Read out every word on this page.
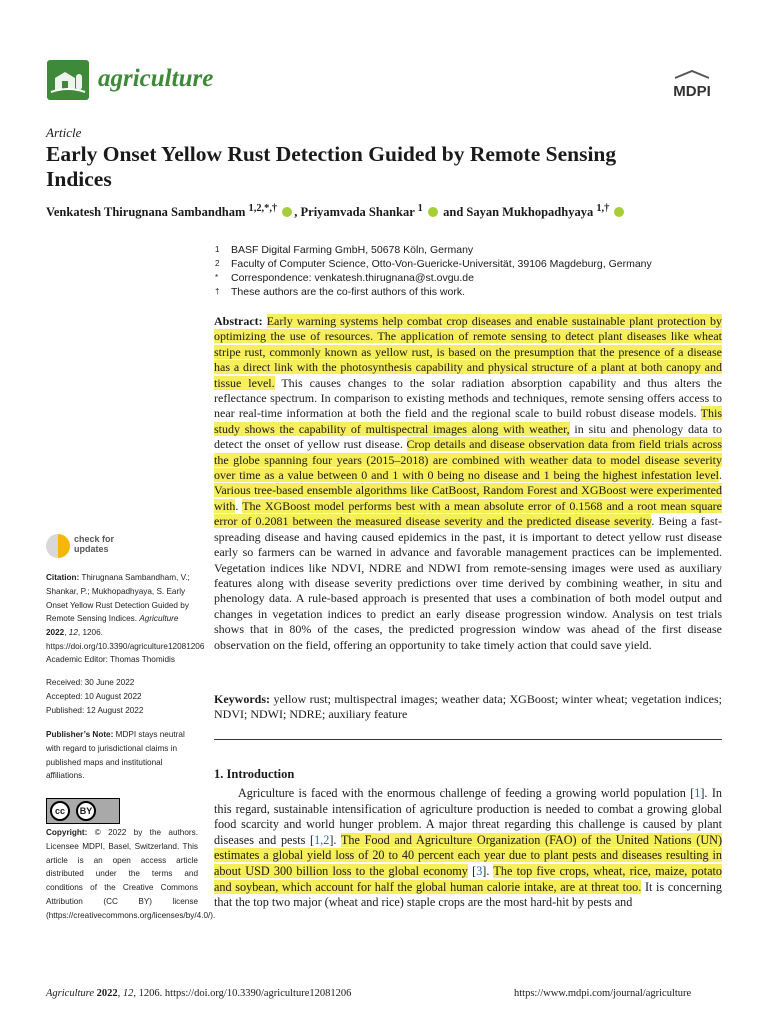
agriculture	MDPI
Article
Early Onset Yellow Rust Detection Guided by Remote Sensing Indices
Venkatesh Thirugnana Sambandham $^{1,2,*,\dagger}$ , Priyamvada Shankar $^1$ and Sayan Mukhopadhyaya $^{1,\dagger}$
1 BASF Digital Farming GmbH, 50678 Köln, Germany
2 Faculty of Computer Science, Otto-Von-Guericke-Universität, 39106 Magdeburg, Germany
* Correspondence: venkatesh.thirugnana@st.ovgu.de
† These authors are the co-first authors of this work.
Abstract: Early warning systems help combat crop diseases and enable sustainable plant protection by optimizing the use of resources. The application of remote sensing to detect plant diseases like wheat stripe rust, commonly known as yellow rust, is based on the presumption that the presence of a disease has a direct link with the photosynthesis capability and physical structure of a plant at both canopy and tissue level. This causes changes to the solar radiation absorption capability and thus alters the reflectance spectrum. In comparison to existing methods and techniques, remote sensing offers access to near real-time information at both the field and the regional scale to build robust disease models. This study shows the capability of multispectral images along with weather, in situ and phenology data to detect the onset of yellow rust disease. Crop details and disease observation data from field trials across the globe spanning four years (2015–2018) are combined with weather data to model disease severity over time as a value between 0 and 1 with 0 being no disease and 1 being the highest infestation level. Various tree-based ensemble algorithms like CatBoost, Random Forest and XGBoost were experimented with. The XGBoost model performs best with a mean absolute error of 0.1568 and a root mean square error of 0.2081 between the measured disease severity and the predicted disease severity. Being a fast-spreading disease and having caused epidemics in the past, it is important to detect yellow rust disease early so farmers can be warned in advance and favorable management practices can be implemented. Vegetation indices like NDVI, NDRE and NDWI from remote-sensing images were used as auxiliary features along with disease severity predictions over time derived by combining weather, in situ and phenology data. A rule-based approach is presented that uses a combination of both model output and changes in vegetation indices to predict an early disease progression window. Analysis on test trials shows that in 80% of the cases, the predicted progression window was ahead of the first disease observation on the field, offering an opportunity to take timely action that could save yield.
Keywords: yellow rust; multispectral images; weather data; XGBoost; winter wheat; vegetation indices; NDVI; NDWI; NDRE; auxiliary feature
1. Introduction

Agriculture is faced with the enormous challenge of feeding a growing world population [1]. In this regard, sustainable intensification of agriculture production is needed to combat a growing global food scarcity and world hunger problem. A major threat regarding this challenge is caused by plant diseases and pests [1,2]. The Food and Agriculture Organization (FAO) of the United Nations (UN) estimates a global yield loss of 20 to 40 percent each year due to plant pests and diseases resulting in about USD 300 billion loss to the global economy [3]. The top five crops, wheat, rice, maize, potato and soybean, which account for half the global human calorie intake, are at threat too. It is concerning that the top two major (wheat and rice) staple crops are the most hard-hit by pests and

check for
updates
Citation: Thirugnana Sambandham, V.; Shankar, P.; Mukhopadhyaya, S. Early Onset Yellow Rust Detection Guided by Remote Sensing Indices. Agriculture 2022, 12, 1206. https://doi.org/10.3390/agriculture12081206
Academic Editor: Thomas Thomidis
Received: 30 June 2022
Accepted: 10 August 2022
Published: 12 August 2022
Publisher’s Note: MDPI stays neutral with regard to jurisdictional claims in published maps and institutional affiliations.
cc	BY
Copyright: © 2022 by the authors. Licensee MDPI, Basel, Switzerland. This article is an open access article distributed under the terms and conditions of the Creative Commons Attribution (CC BY) license (https://creativecommons.org/licenses/by/4.0/).
Agriculture 2022, 12, 1206. https://doi.org/10.3390/agriculture12081206	https://www.mdpi.com/journal/agriculture
